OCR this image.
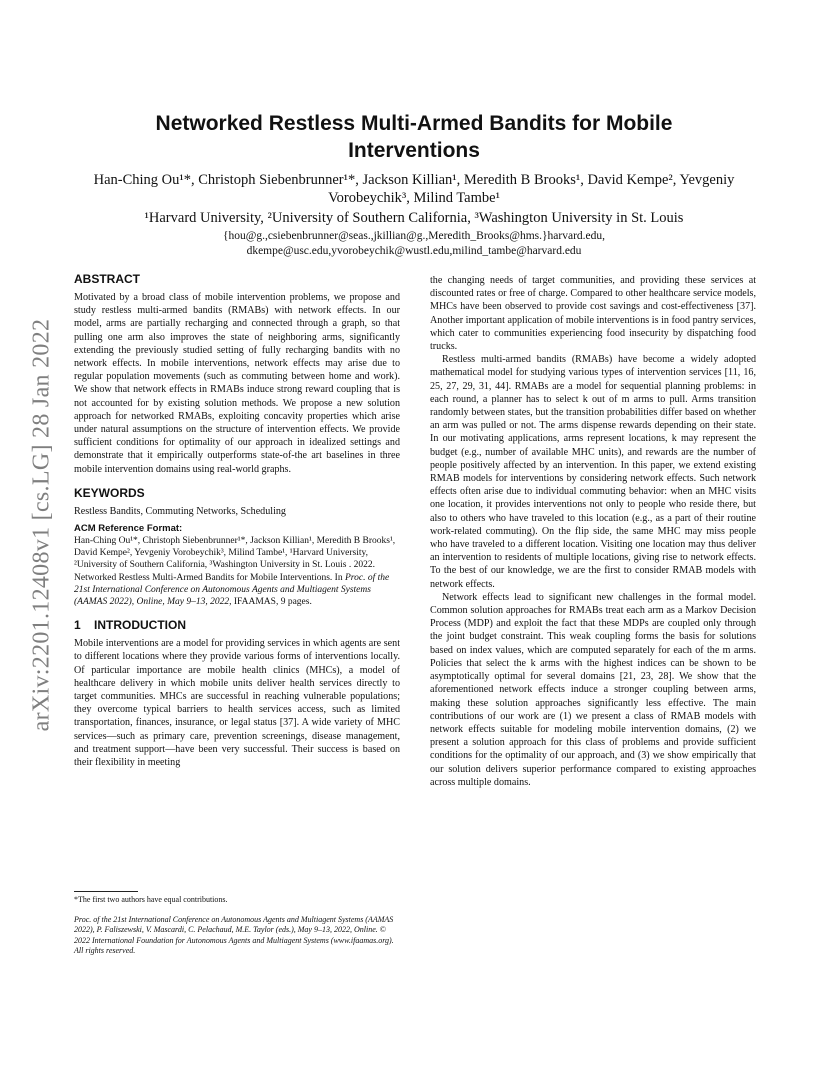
arXiv:2201.12408v1 [cs.LG] 28 Jan 2022
Networked Restless Multi-Armed Bandits for Mobile Interventions
Han-Ching Ou¹*, Christoph Siebenbrunner¹*, Jackson Killian¹, Meredith B Brooks¹, David Kempe², Yevgeniy Vorobeychik³, Milind Tambe¹
¹Harvard University, ²University of Southern California, ³Washington University in St. Louis
{hou@g.,csiebenbrunner@seas.,jkillian@g.,Meredith_Brooks@hms.}harvard.edu,
dkempe@usc.edu,yvorobeychik@wustl.edu,milind_tambe@harvard.edu
ABSTRACT

Motivated by a broad class of mobile intervention problems, we propose and study restless multi-armed bandits (RMABs) with network effects. In our model, arms are partially recharging and connected through a graph, so that pulling one arm also improves the state of neighboring arms, significantly extending the previously studied setting of fully recharging bandits with no network effects. In mobile interventions, network effects may arise due to regular population movements (such as commuting between home and work). We show that network effects in RMABs induce strong reward coupling that is not accounted for by existing solution methods. We propose a new solution approach for networked RMABs, exploiting concavity properties which arise under natural assumptions on the structure of intervention effects. We provide sufficient conditions for optimality of our approach in idealized settings and demonstrate that it empirically outperforms state-of-the art baselines in three mobile intervention domains using real-world graphs.

KEYWORDS

Restless Bandits, Commuting Networks, Scheduling

ACM Reference Format:

Han-Ching Ou¹*, Christoph Siebenbrunner¹*, Jackson Killian¹, Meredith B Brooks¹, David Kempe², Yevgeniy Vorobeychik³, Milind Tambe¹, ¹Harvard University, ²University of Southern California, ³Washington University in St. Louis . 2022. Networked Restless Multi-Armed Bandits for Mobile Interventions. In Proc. of the 21st International Conference on Autonomous Agents and Multiagent Systems (AAMAS 2022), Online, May 9–13, 2022, IFAAMAS, 9 pages.

1 INTRODUCTION

Mobile interventions are a model for providing services in which agents are sent to different locations where they provide various forms of interventions locally. Of particular importance are mobile health clinics (MHCs), a model of healthcare delivery in which mobile units deliver health services directly to target communities. MHCs are successful in reaching vulnerable populations; they overcome typical barriers to health services access, such as limited transportation, finances, insurance, or legal status [37]. A wide variety of MHC services—such as primary care, prevention screenings, disease management, and treatment support—have been very successful. Their success is based on their flexibility in meeting

*The first two authors have equal contributions.
Proc. of the 21st International Conference on Autonomous Agents and Multiagent Systems (AAMAS 2022), P. Faliszewski, V. Mascardi, C. Pelachaud, M.E. Taylor (eds.), May 9–13, 2022, Online. © 2022 International Foundation for Autonomous Agents and Multiagent Systems (www.ifaamas.org). All rights reserved.

the changing needs of target communities, and providing these services at discounted rates or free of charge. Compared to other healthcare service models, MHCs have been observed to provide cost savings and cost-effectiveness [37]. Another important application of mobile interventions is in food pantry services, which cater to communities experiencing food insecurity by dispatching food trucks.

Restless multi-armed bandits (RMABs) have become a widely adopted mathematical model for studying various types of intervention services [11, 16, 25, 27, 29, 31, 44]. RMABs are a model for sequential planning problems: in each round, a planner has to select k out of m arms to pull. Arms transition randomly between states, but the transition probabilities differ based on whether an arm was pulled or not. The arms dispense rewards depending on their state. In our motivating applications, arms represent locations, k may represent the budget (e.g., number of available MHC units), and rewards are the number of people positively affected by an intervention. In this paper, we extend existing RMAB models for interventions by considering network effects. Such network effects often arise due to individual commuting behavior: when an MHC visits one location, it provides interventions not only to people who reside there, but also to others who have traveled to this location (e.g., as a part of their routine work-related commuting). On the flip side, the same MHC may miss people who have traveled to a different location. Visiting one location may thus deliver an intervention to residents of multiple locations, giving rise to network effects. To the best of our knowledge, we are the first to consider RMAB models with network effects.

Network effects lead to significant new challenges in the formal model. Common solution approaches for RMABs treat each arm as a Markov Decision Process (MDP) and exploit the fact that these MDPs are coupled only through the joint budget constraint. This weak coupling forms the basis for solutions based on index values, which are computed separately for each of the m arms. Policies that select the k arms with the highest indices can be shown to be asymptotically optimal for several domains [21, 23, 28]. We show that the aforementioned network effects induce a stronger coupling between arms, making these solution approaches significantly less effective. The main contributions of our work are (1) we present a class of RMAB models with network effects suitable for modeling mobile intervention domains, (2) we present a solution approach for this class of problems and provide sufficient conditions for the optimality of our approach, and (3) we show empirically that our solution delivers superior performance compared to existing approaches across multiple domains.
